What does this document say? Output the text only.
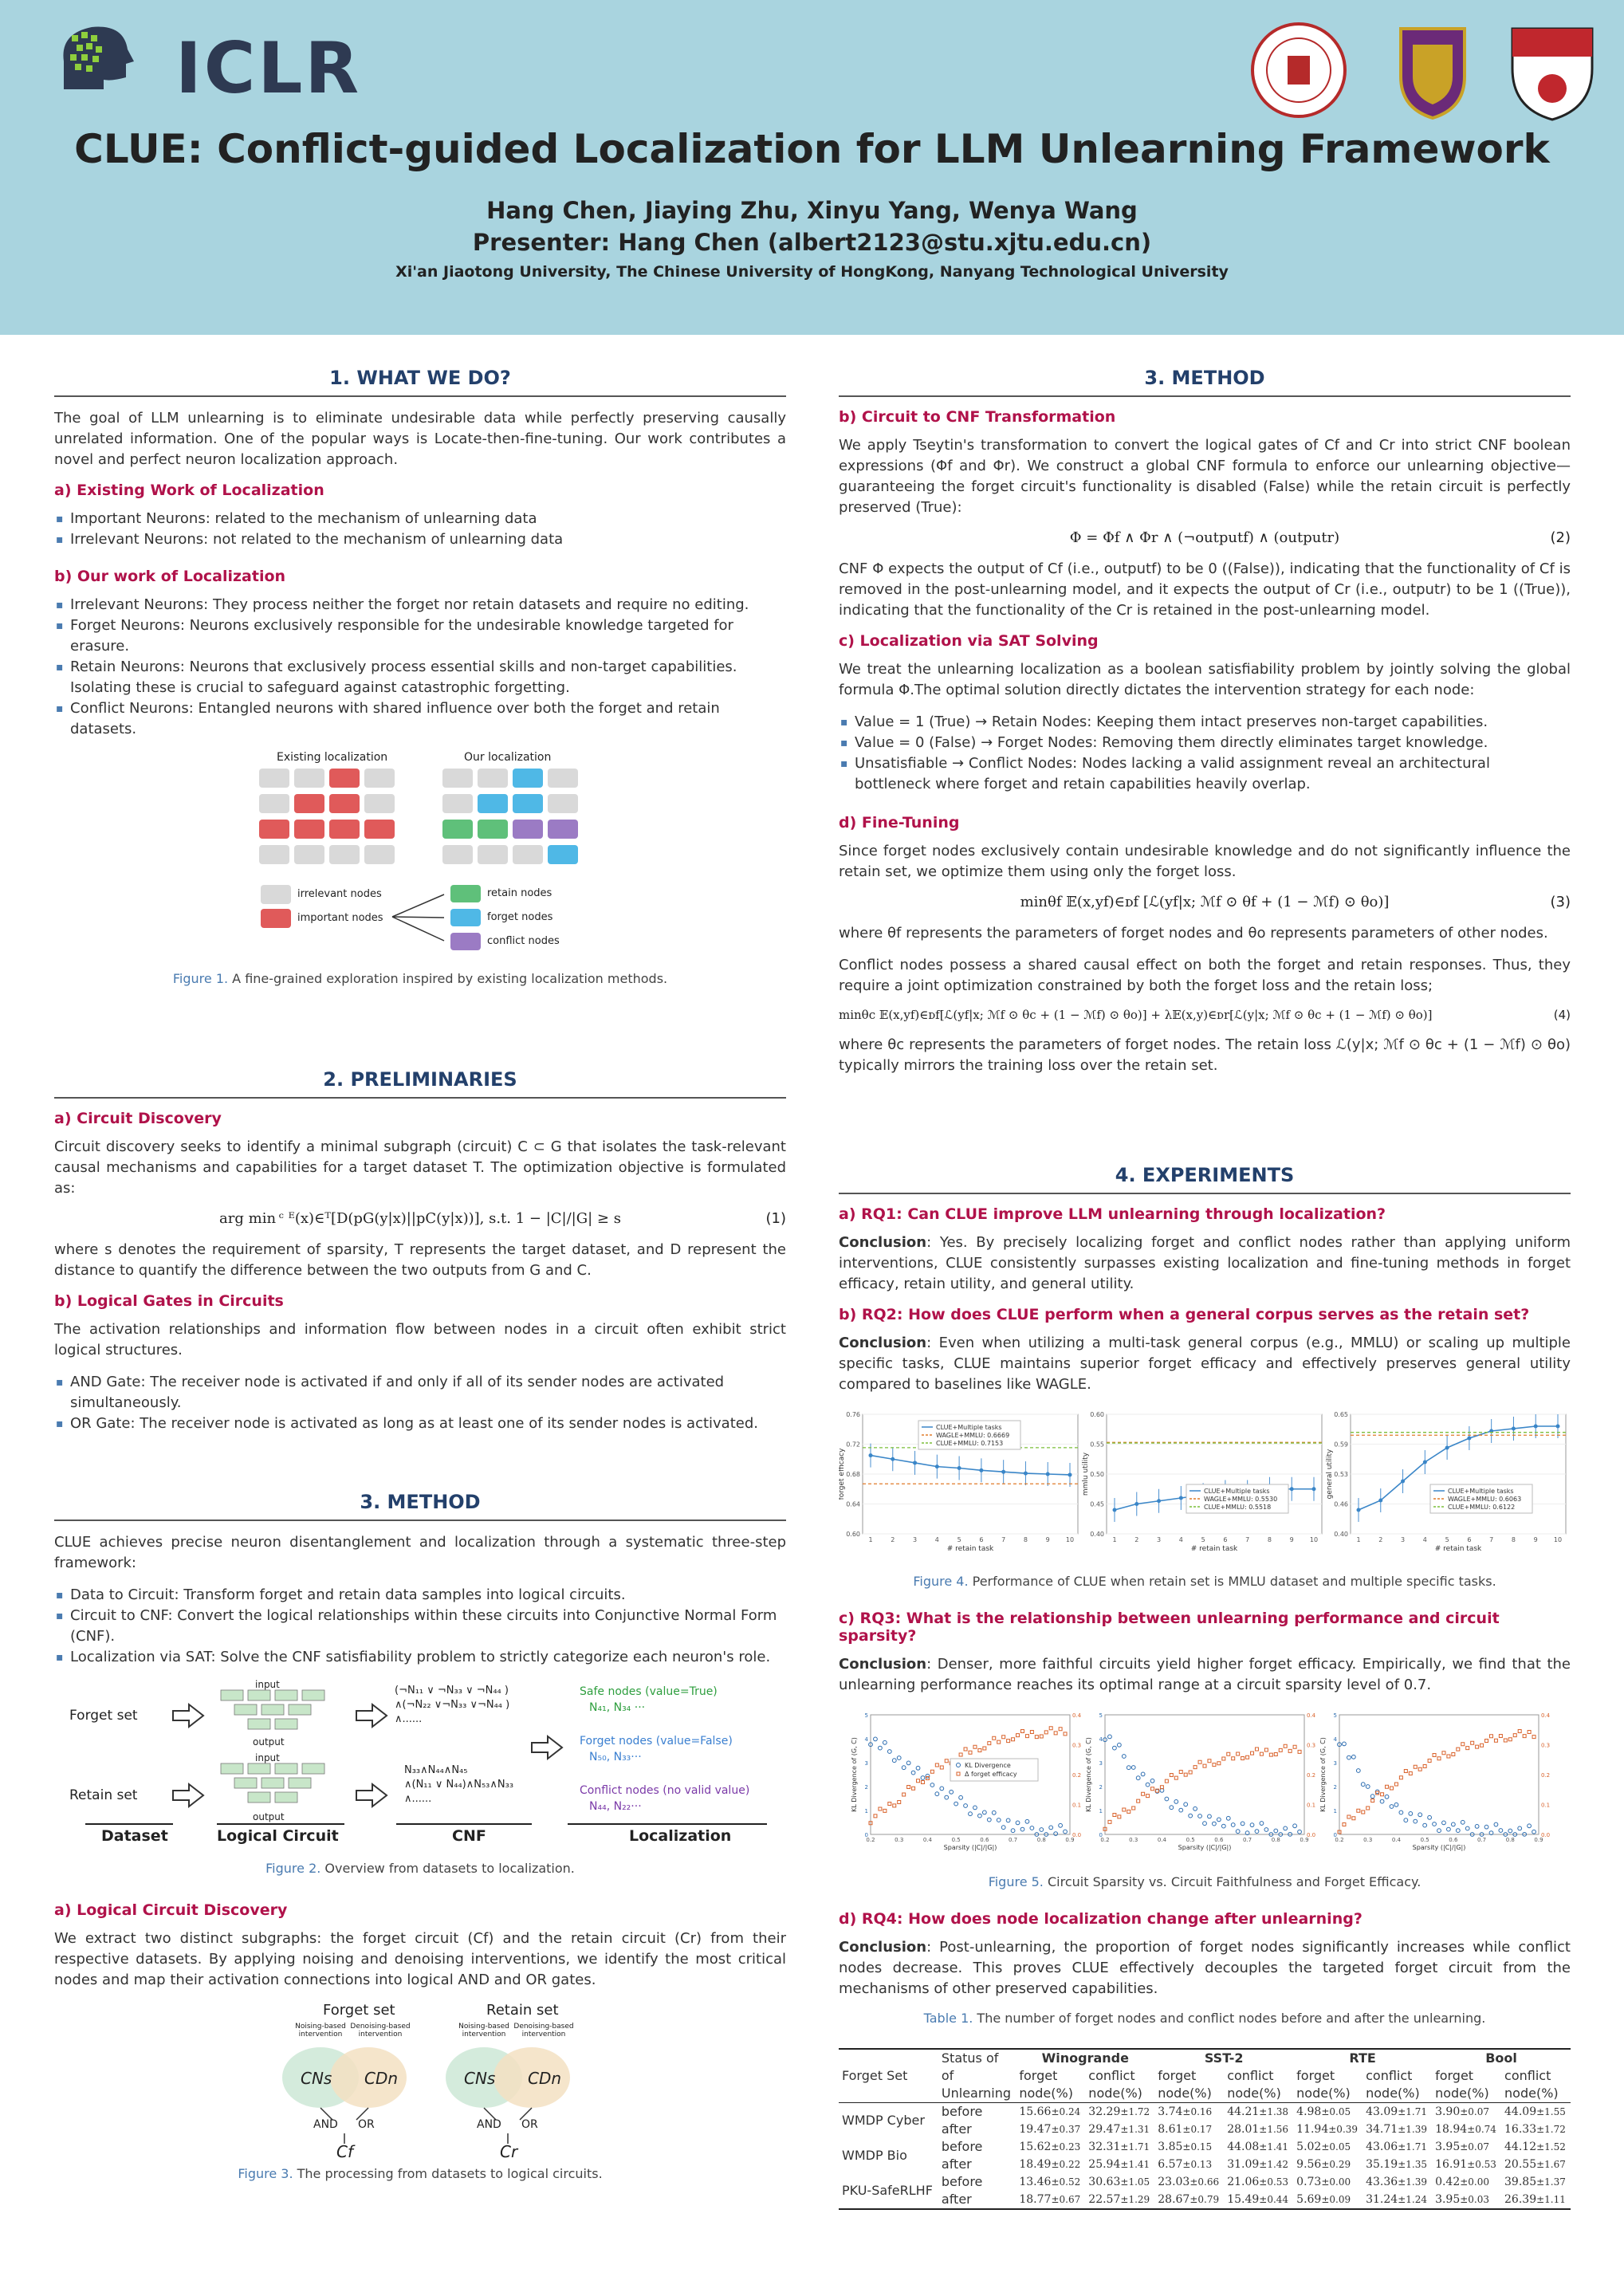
ICLR
CLUE: Conflict-guided Localization for LLM Unlearning Framework
Hang Chen, Jiaying Zhu, Xinyu Yang, Wenya Wang
Presenter: Hang Chen (albert2123@stu.xjtu.edu.cn)
Xi'an Jiaotong University, The Chinese University of HongKong, Nanyang Technological University
1. WHAT WE DO?

The goal of LLM unlearning is to eliminate undesirable data while perfectly preserving causally unrelated information. One of the popular ways is Locate-then-fine-tuning. Our work contributes a novel and perfect neuron localization approach.

a) Existing Work of Localization
▪ Important Neurons: related to the mechanism of unlearning data
▪ Irrelevant Neurons: not related to the mechanism of unlearning data
b) Our work of Localization
▪ Irrelevant Neurons: They process neither the forget nor retain datasets and require no editing.
▪ Forget Neurons: Neurons exclusively responsible for the undesirable knowledge targeted for erasure.
▪ Retain Neurons: Neurons that exclusively process essential skills and non-target capabilities. Isolating these is crucial to safeguard against catastrophic forgetting.
▪ Conflict Neurons: Entangled neurons with shared influence over both the forget and retain datasets.
Existing localization	Our localization
irrelevant nodes
important nodes
retain nodes
forget nodes
conflict nodes
Figure 1. A fine-grained exploration inspired by existing localization methods.
2. PRELIMINARIES
a) Circuit Discovery

Circuit discovery seeks to identify a minimal subgraph (circuit) C ⊂ G that isolates the task-relevant causal mechanisms and capabilities for a target dataset T. The optimization objective is formulated as:

arg min ᶜ ᴱ(x)∈ᵀ[D(pG(y|x)||pC(y|x))], s.t. 1 − |C|/|G| ≥ s	(1)

where s denotes the requirement of sparsity, T represents the target dataset, and D represent the distance to quantify the difference between the two outputs from G and C.

b) Logical Gates in Circuits

The activation relationships and information flow between nodes in a circuit often exhibit strict logical structures.

▪ AND Gate: The receiver node is activated if and only if all of its sender nodes are activated simultaneously.
▪ OR Gate: The receiver node is activated as long as at least one of its sender nodes is activated.
3. METHOD

CLUE achieves precise neuron disentanglement and localization through a systematic three-step framework:

▪ Data to Circuit: Transform forget and retain data samples into logical circuits.
▪ Circuit to CNF: Convert the logical relationships within these circuits into Conjunctive Normal Form (CNF).
▪ Localization via SAT: Solve the CNF satisfiability problem to strictly categorize each neuron's role.
Forget set
Retain set
input
output
input
output
(¬N₁₁ ∨ ¬N₃₃ ∨ ¬N₄₄ )
∧(¬N₂₂ ∨¬N₃₃ ∨¬N₄₄ )
∧......
N₃₃∧N₄₄∧N₄₅
∧(N₁₁ ∨ N₄₄)∧N₅₃∧N₃₃
∧......
Safe nodes (value=True)
N₄₁, N₃₄ ···
Forget nodes (value=False)
N₅₀, N₃₃···
Conflict nodes (no valid value)
N₄₄, N₂₂···
Dataset	Logical Circuit	CNF	Localization
Figure 2. Overview from datasets to localization.
a) Logical Circuit Discovery

We extract two distinct subgraphs: the forget circuit (Cf) and the retain circuit (Cr) from their respective datasets. By applying noising and denoising interventions, we identify the most critical nodes and map their activation connections into logical AND and OR gates.

Forget set	Retain set
Noising-based intervention
Denoising-based intervention
Noising-based intervention
Denoising-based intervention
CNs CDn	CNs CDn
AND OR	AND OR
Cf	Cr
Figure 3. The processing from datasets to logical circuits.
3. METHOD
b) Circuit to CNF Transformation

We apply Tseytin's transformation to convert the logical gates of Cf and Cr into strict CNF boolean expressions (Φf and Φr). We construct a global CNF formula to enforce our unlearning objective—guaranteeing the forget circuit's functionality is disabled (False) while the retain circuit is perfectly preserved (True):

Φ = Φf ∧ Φr ∧ (¬outputf) ∧ (outputr)	(2)

CNF Φ expects the output of Cf (i.e., outputf) to be 0 ((False)), indicating that the functionality of Cf is removed in the post-unlearning model, and it expects the output of Cr (i.e., outputr) to be 1 ((True)), indicating that the functionality of the Cr is retained in the post-unlearning model.

c) Localization via SAT Solving

We treat the unlearning localization as a boolean satisfiability problem by jointly solving the global formula Φ.The optimal solution directly dictates the intervention strategy for each node:

▪ Value = 1 (True) → Retain Nodes: Keeping them intact preserves non-target capabilities.
▪ Value = 0 (False) → Forget Nodes: Removing them directly eliminates target knowledge.
▪ Unsatisfiable → Conflict Nodes: Nodes lacking a valid assignment reveal an architectural bottleneck where forget and retain capabilities heavily overlap.
d) Fine-Tuning

Since forget nodes exclusively contain undesirable knowledge and do not significantly influence the retain set, we optimize them using only the forget loss.

minθf 𝔼(x,yf)∈ᴅf [ℒ(yf|x; ℳf ⊙ θf + (1 − ℳf) ⊙ θo)]	(3)

where θf represents the parameters of forget nodes and θo represents parameters of other nodes.

Conflict nodes possess a shared causal effect on both the forget and retain responses. Thus, they require a joint optimization constrained by both the forget loss and the retain loss;

minθc 𝔼(x,yf)∈ᴅf[ℒ(yf|x; ℳf ⊙ θc + (1 − ℳf) ⊙ θo)] + λ𝔼(x,y)∈ᴅr[ℒ(y|x; ℳf ⊙ θc + (1 − ℳf) ⊙ θo)]	(4)

where θc represents the parameters of forget nodes. The retain loss ℒ(y|x; ℳf ⊙ θc + (1 − ℳf) ⊙ θo) typically mirrors the training loss over the retain set.

4. EXPERIMENTS
a) RQ1: Can CLUE improve LLM unlearning through localization?

Conclusion: Yes. By precisely localizing forget and conflict nodes rather than applying uniform interventions, CLUE consistently surpasses existing localization and fine-tuning methods in forget efficacy, retain utility, and general utility.

b) RQ2: How does CLUE perform when a general corpus serves as the retain set?

Conclusion: Even when utilizing a multi-task general corpus (e.g., MMLU) or scaling up multiple specific tasks, CLUE maintains superior forget efficacy and effectively preserves general utility compared to baselines like WAGLE.

0.60
0.64
0.68
0.72
0.76
1	2	3	4	5	6	7	8	9	10
# retain task
forget efficacy
CLUE+Multiple tasks
WAGLE+MMLU: 0.6669
CLUE+MMLU: 0.7153
0.40
0.45
0.50
0.55
0.60
1	2	3	4	5	6	7	8	9	10
# retain task
mmlu utility	CLUE+Multiple tasks
WAGLE+MMLU: 0.5530
CLUE+MMLU: 0.5518
0.40
0.46
0.53
0.59
0.65
1	2	3	4	5	6	7	8	9	10
# retain task
general utility	CLUE+Multiple tasks
WAGLE+MMLU: 0.6063
CLUE+MMLU: 0.6122
Figure 4. Performance of CLUE when retain set is MMLU dataset and multiple specific tasks.
c) RQ3: What is the relationship between unlearning performance and circuit sparsity?

Conclusion: Denser, more faithful circuits yield higher forget efficacy. Empirically, we find that the unlearning performance reaches its optimal range at a circuit sparsity level of 0.7.

0
1
2
3
4
5
0.0
0.1
0.2
0.3
0.4
0.2	0.3	0.4	0.5	0.6	0.7	0.8	0.9
Sparsity (|C|/|G|)
KL Divergence of (G, C)	KL Divergence
Δ forget efficacy
0
1
2
3
4
5
0.0
0.1
0.2
0.3
0.4
0.2	0.3	0.4	0.5	0.6	0.7	0.8	0.9
Sparsity (|C|/|G|)
KL Divergence of (G, C)
0
1
2
3
4
5
0.0
0.1
0.2
0.3
0.4
0.2	0.3	0.4	0.5	0.6	0.7	0.8	0.9
Sparsity (|C|/|G|)
KL Divergence of (G, C)
Figure 5. Circuit Sparsity vs. Circuit Faithfulness and Forget Efficacy.
d) RQ4: How does node localization change after unlearning?

Conclusion: Post-unlearning, the proportion of forget nodes significantly increases while conflict nodes decrease. This proves CLUE effectively decouples the targeted forget circuit from the mechanisms of other preserved capabilities.

Table 1. The number of forget nodes and conflict nodes before and after the unlearning.
Forget Set	Status of	Winogrande		SST-2		RTE		Bool	
	of	forget	conflict	forget	conflict	forget	conflict	forget	conflict
	Unlearning	node(%)	node(%)	node(%)	node(%)	node(%)	node(%)	node(%)	node(%)
WMDP Cyber	before	15.66±0.24	32.29±1.72	3.74±0.16	44.21±1.38	4.98±0.05	43.09±1.71	3.90±0.07	44.09±1.55
	after	19.47±0.37	29.47±1.31	8.61±0.17	28.01±1.56	11.94±0.39	34.71±1.39	18.94±0.74	16.33±1.72
WMDP Bio	before	15.62±0.23	32.31±1.71	3.85±0.15	44.08±1.41	5.02±0.05	43.06±1.71	3.95±0.07	44.12±1.52
	after	18.49±0.22	25.94±1.41	6.57±0.13	31.09±1.42	9.56±0.29	35.19±1.35	16.91±0.53	20.55±1.67
PKU-SafeRLHF	before	13.46±0.52	30.63±1.05	23.03±0.66	21.06±0.53	0.73±0.00	43.36±1.39	0.42±0.00	39.85±1.37
	after	18.77±0.67	22.57±1.29	28.67±0.79	15.49±0.44	5.69±0.09	31.24±1.24	3.95±0.03	26.39±1.11
